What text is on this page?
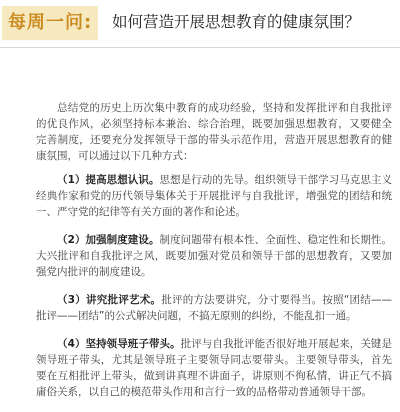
每周一问:	如何营造开展思想教育的健康氛围？

总结党的历史上历次集中教育的成功经验，坚持和发挥批评和自我批评的优良作风，必须坚持标本兼治、综合治理，既要加强思想教育，又要健全完善制度，还要充分发挥领导干部的带头示范作用，营造开展思想教育的健康氛围，可以通过以下几种方式：

（1）提高思想认识。思想是行动的先导。组织领导干部学习马克思主义经典作家和党的历代领导集体关于开展批评与自我批评，增强党的团结和统一、严守党的纪律等有关方面的著作和论述。

（2）加强制度建设。制度问题带有根本性、全面性、稳定性和长期性。大兴批评和自我批评之风，既要加强对党员和领导干部的思想教育，又要加强党内批评的制度建设。

（3）讲究批评艺术。批评的方法要讲究，分寸要得当。按照“团结——批评——团结”的公式解决问题，不搞无原则的纠纷，不能乱扣一通。

（4）坚持领导班子带头。批评与自我批评能否很好地开展起来，关键是领导班子带头，尤其是领导班子主要领导同志要带头。主要领导带头，首先要在互相批评上带头，做到讲真理不讲面子，讲原则不徇私情，讲正气不搞庸俗关系，以自己的模范带头作用和言行一致的品格带动普通领导干部。
